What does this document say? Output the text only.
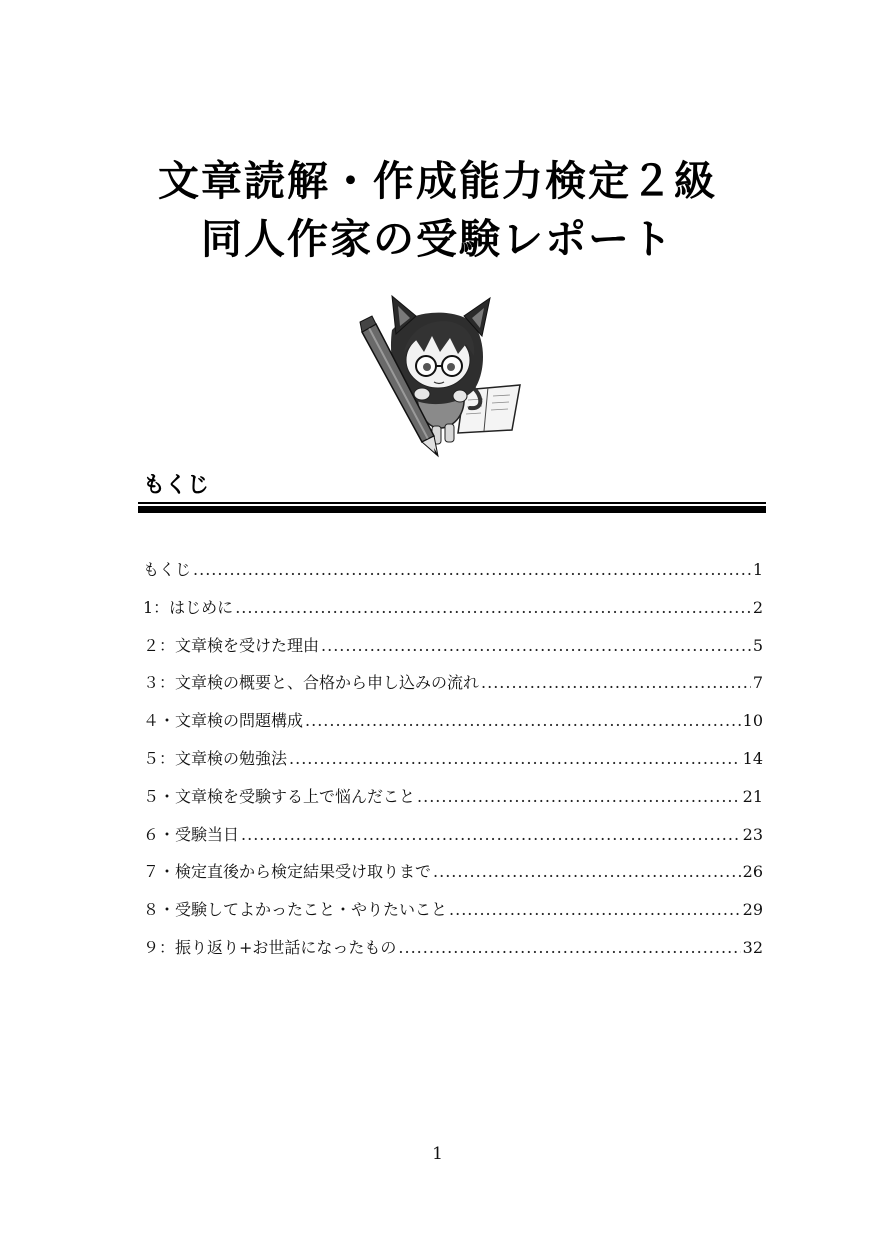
文章読解・作成能力検定２級
同人作家の受験レポート
もくじ
もくじ .....	1
1：はじめに .....	2
２：文章検を受けた理由 .....	5
３：文章検の概要と、合格から申し込みの流れ .....	7
４・文章検の問題構成 .....	10
５：文章検の勉強法 .....	14
５・文章検を受験する上で悩んだこと .....	21
６・受験当日 .....	23
７・検定直後から検定結果受け取りまで .....	26
８・受験してよかったこと・やりたいこと .....	29
９：振り返り+お世話になったもの .....	32
1
